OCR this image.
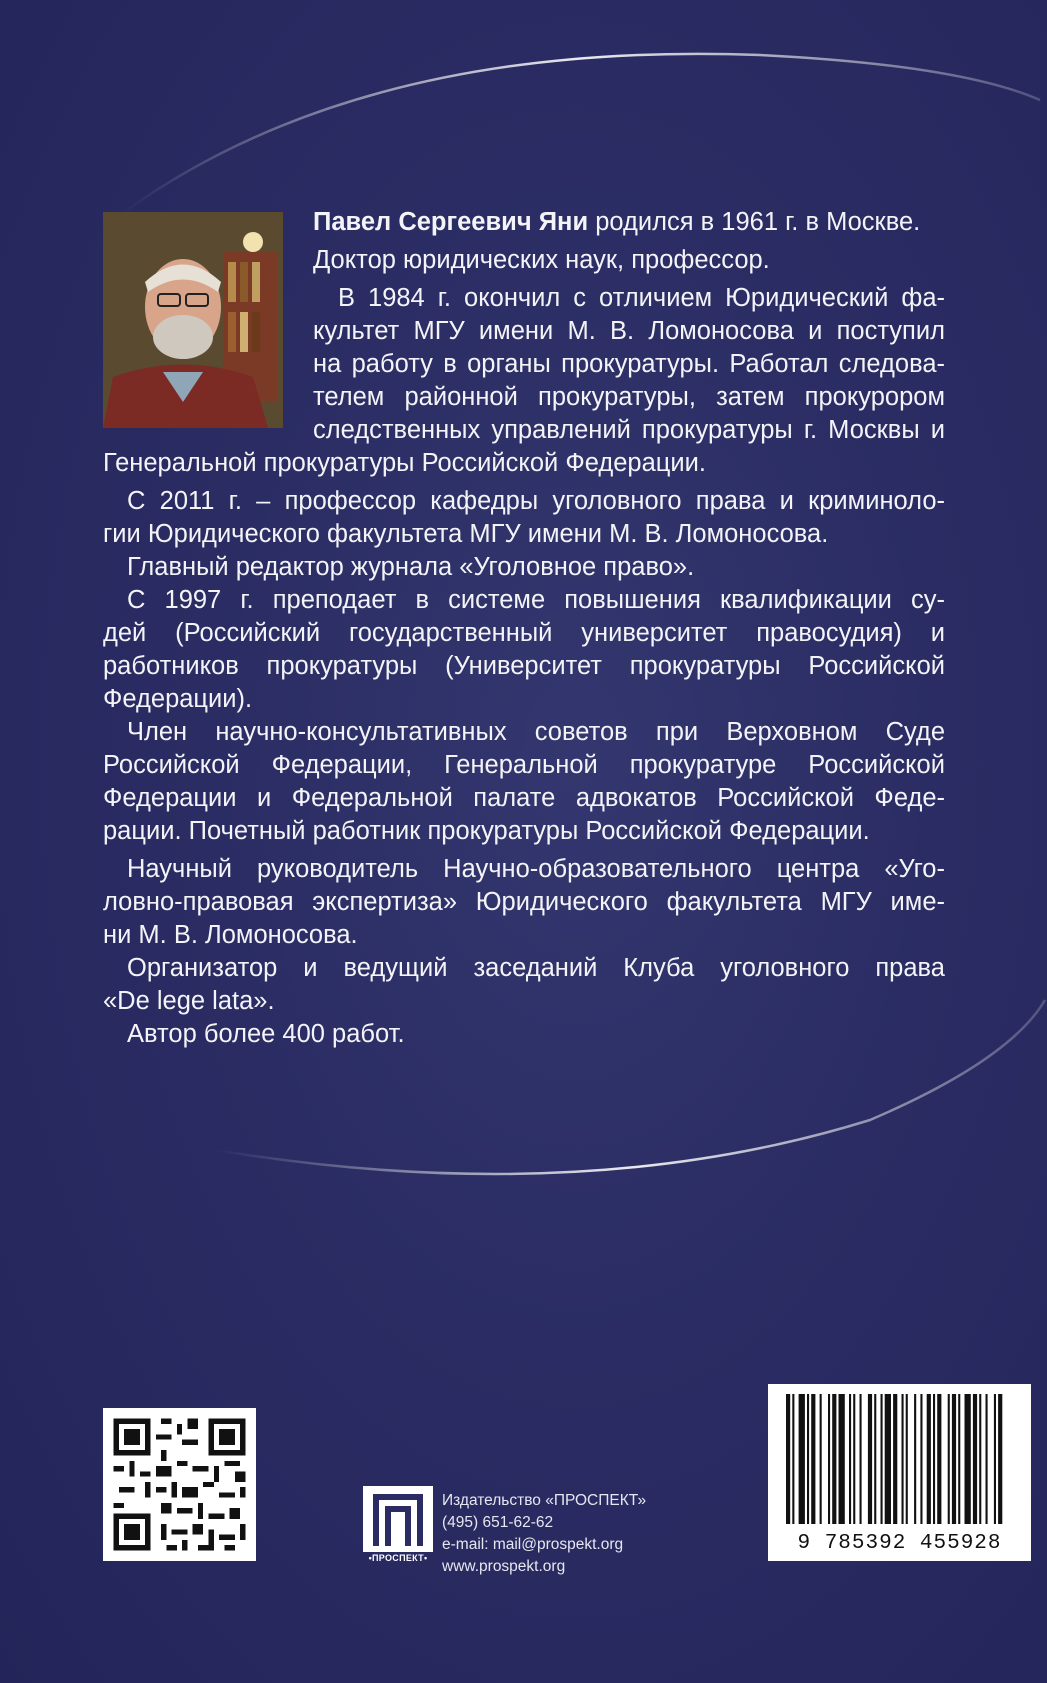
Павел Сергеевич Яни родился в 1961 г. в Москве.
Доктор юридических наук, профессор.
В 1984 г. окончил с отличием Юридический фа-
культет МГУ имени М. В. Ломоносова и поступил
на работу в органы прокуратуры. Работал следова-
телем районной прокуратуры, затем прокурором
следственных управлений прокуратуры г. Москвы и
Генеральной прокуратуры Российской Федерации.
С 2011 г. – профессор кафедры уголовного права и криминоло-
гии Юридического факультета МГУ имени М. В. Ломоносова.
Главный редактор журнала «Уголовное право».
С 1997 г. преподает в системе повышения квалификации су-
дей (Российский государственный университет правосудия) и
работников прокуратуры (Университет прокуратуры Российской
Федерации).
Член научно-консультативных советов при Верховном Суде
Российской Федерации, Генеральной прокуратуре Российской
Федерации и Федеральной палате адвокатов Российской Феде-
рации. Почетный работник прокуратуры Российской Федерации.
Научный руководитель Научно-образовательного центра «Уго-
ловно-правовая экспертиза» Юридического факультета МГУ име-
ни М. В. Ломоносова.
Организатор и ведущий заседаний Клуба уголовного права
«De lege lata».
Автор более 400 работ.
•ПРОСПЕКТ•
Издательство «ПРОСПЕКТ»
(495) 651-62-62
e-mail: mail@prospekt.org
www.prospekt.org
9 785392 455928
